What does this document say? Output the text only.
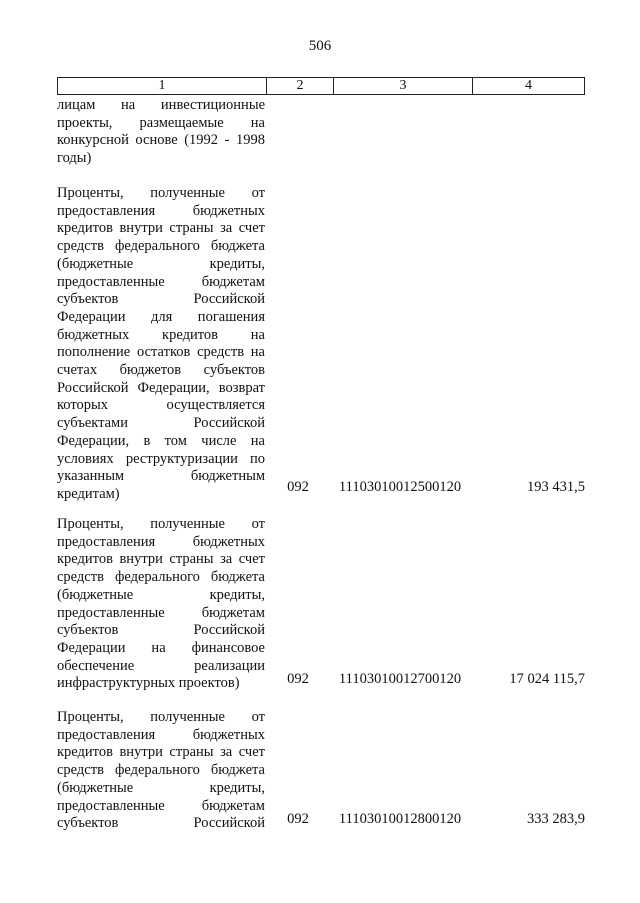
506
1	2	3	4
лицам на инвестиционные проекты, размещаемые на конкурсной основе (1992 - 1998 годы)
Проценты, полученные от предоставления бюджетных кредитов внутри страны за счет средств федерального бюджета (бюджетные кредиты, предоставленные бюджетам субъектов Российской Федерации для погашения бюджетных кредитов на пополнение остатков средств на счетах бюджетов субъектов Российской Федерации, возврат которых осуществляется субъектами Российской Федерации, в том числе на условиях реструктуризации по указанным бюджетным кредитам)	092	11103010012500120	193 431,5
Проценты, полученные от предоставления бюджетных кредитов внутри страны за счет средств федерального бюджета (бюджетные кредиты, предоставленные бюджетам субъектов Российской Федерации на финансовое обеспечение реализации инфраструктурных проектов)	092	11103010012700120	17 024 115,7
Проценты, полученные от предоставления бюджетных кредитов внутри страны за счет средств федерального бюджета (бюджетные кредиты, предоставленные бюджетам субъектов Российской	092	11103010012800120	333 283,9
